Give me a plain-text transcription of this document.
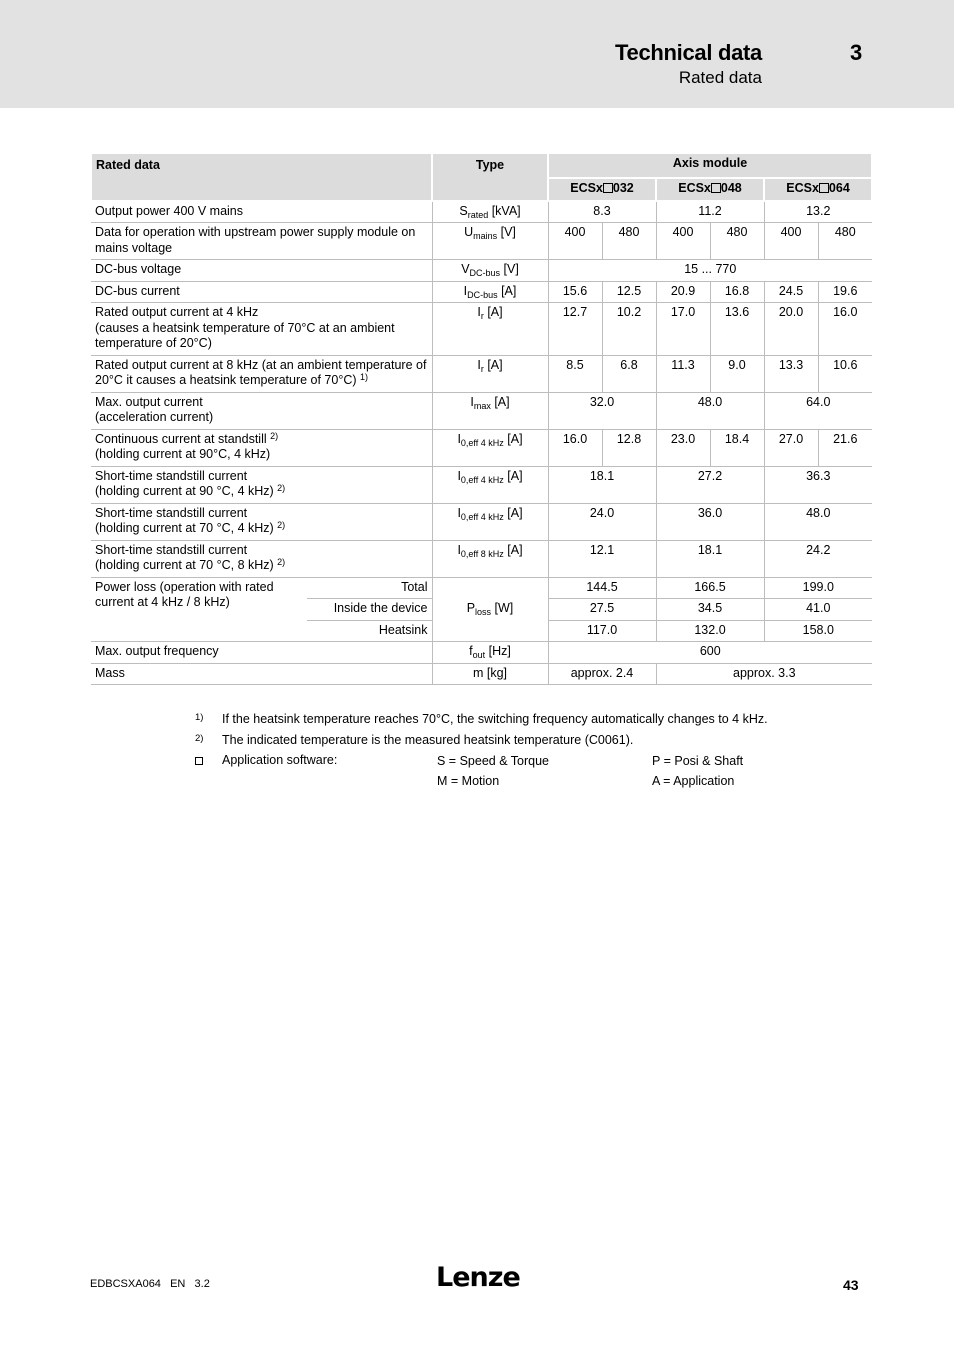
Technical data	3
Rated data
Rated data		Type	Axis module					
			ECSx 032		ECSx 048		ECSx 064	
Output power 400 V mains		$S_{rated}$ [kVA]	8.3		11.2		13.2	
Data for operation with upstream power supply module on mains voltage		$U_{mains}$ [V]	400	480	400	480	400	480
DC-bus voltage		$V_{DC-bus}$ [V]	15 ... 770					
DC-bus current		$I_{DC-bus}$ [A]	15.6	12.5	20.9	16.8	24.5	19.6

Rated output current at 4 kHz
(causes a heatsink temperature of 70°C at an ambient temperature of 20°C)		$I_r$ [A]	12.7	10.2	17.0	13.6	20.0	16.0
Rated output current at 8 kHz (at an ambient temperature of 20°C it causes a heatsink temperature of 70°C) $^{1)}$		$I_r$ [A]	8.5	6.8	11.3	9.0	13.3	10.6

Max. output current
(acceleration current)		$I_{max}$ [A]	32.0		48.0		64.0	

Continuous current at standstill $^{2)}$
(holding current at 90°C, 4 kHz)		$I_{0,eff 4 kHz}$ [A]	16.0	12.8	23.0	18.4	27.0	21.6

Short-time standstill current
(holding current at 90 °C, 4 kHz) $^{2)}$		$I_{0,eff 4 kHz}$ [A]	18.1		27.2		36.3	

Short-time standstill current
(holding current at 70 °C, 4 kHz) $^{2)}$		$I_{0,eff 4 kHz}$ [A]	24.0		36.0		48.0	

Short-time standstill current
(holding current at 70 °C, 8 kHz) $^{2)}$		$I_{0,eff 8 kHz}$ [A]	12.1		18.1		24.2	
Power loss (operation with rated current at 4 kHz / 8 kHz)	Total	$P_{loss}$ [W]	144.5		166.5		199.0	
	Inside the device		27.5		34.5		41.0	
	Heatsink		117.0		132.0		158.0	
Max. output frequency		$f_{out}$ [Hz]	600					
Mass		m [kg]	approx. 2.4		approx. 3.3			
1) If the heatsink temperature reaches 70°C, the switching frequency automatically changes to 4 kHz.
2) The indicated temperature is the measured heatsink temperature (C0061).
Application software:	S = Speed & Torque	P = Posi & Shaft
M = Motion	A = Application
EDBCSXA064   EN   3.2	Lenze	43
